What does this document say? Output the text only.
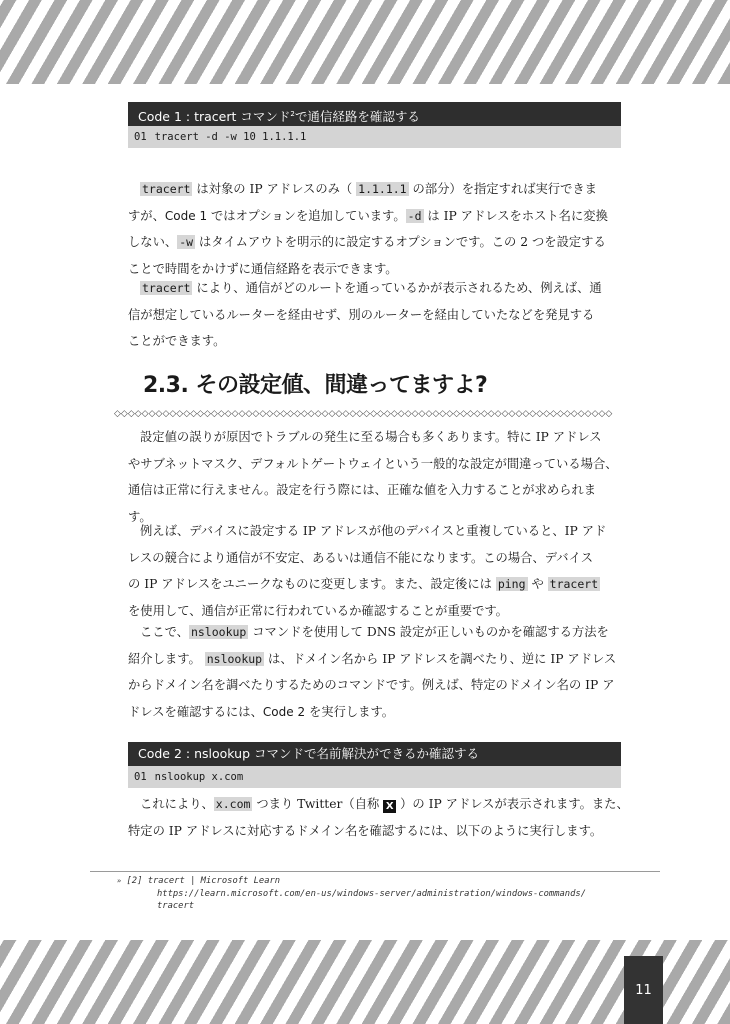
Code 1 : tracert コマンド$^2$で通信経路を確認する
01 tracert -d -w 10 1.1.1.1
tracert は対象の IP アドレスのみ（ 1.1.1.1 の部分）を指定すれば実行できま
すが、Code 1 ではオプションを追加しています。 -d は IP アドレスをホスト名に変換
しない、 -w はタイムアウトを明示的に設定するオプションです。この 2 つを設定する
ことで時間をかけずに通信経路を表示できます。
tracert により、通信がどのルートを通っているかが表示されるため、例えば、通
信が想定しているルーターを経由せず、別のルーターを経由していたなどを発見する
ことができます。
2.3. その設定値、間違ってますよ?
◇◇◇◇◇◇◇◇◇◇◇◇◇◇◇◇◇◇◇◇◇◇◇◇◇◇◇◇◇◇◇◇◇◇◇◇◇◇◇◇◇◇◇◇◇◇◇◇◇◇◇◇◇◇◇◇◇◇◇◇◇◇◇◇◇◇◇◇◇◇◇◇
設定値の誤りが原因でトラブルの発生に至る場合も多くあります。特に IP アドレス
やサブネットマスク、デフォルトゲートウェイという一般的な設定が間違っている場合、
通信は正常に行えません。設定を行う際には、正確な値を入力することが求められま
す。
例えば、デバイスに設定する IP アドレスが他のデバイスと重複していると、IP アド
レスの競合により通信が不安定、あるいは通信不能になります。この場合、デバイス
の IP アドレスをユニークなものに変更します。また、設定後には ping や tracert
を使用して、通信が正常に行われているか確認することが重要です。
ここで、 nslookup コマンドを使用して DNS 設定が正しいものかを確認する方法を
紹介します。 nslookup は、ドメイン名から IP アドレスを調べたり、逆に IP アドレス
からドメイン名を調べたりするためのコマンドです。例えば、特定のドメイン名の IP ア
ドレスを確認するには、Code 2 を実行します。
Code 2 : nslookup コマンドで名前解決ができるか確認する
01 nslookup x.com
これにより、 x.com つまり Twitter（自称 X ）の IP アドレスが表示されます。また、
特定の IP アドレスに対応するドメイン名を確認するには、以下のように実行します。
» [2] tracert | Microsoft Learn
https://learn.microsoft.com/en-us/windows-server/administration/windows-commands/
tracert
11
